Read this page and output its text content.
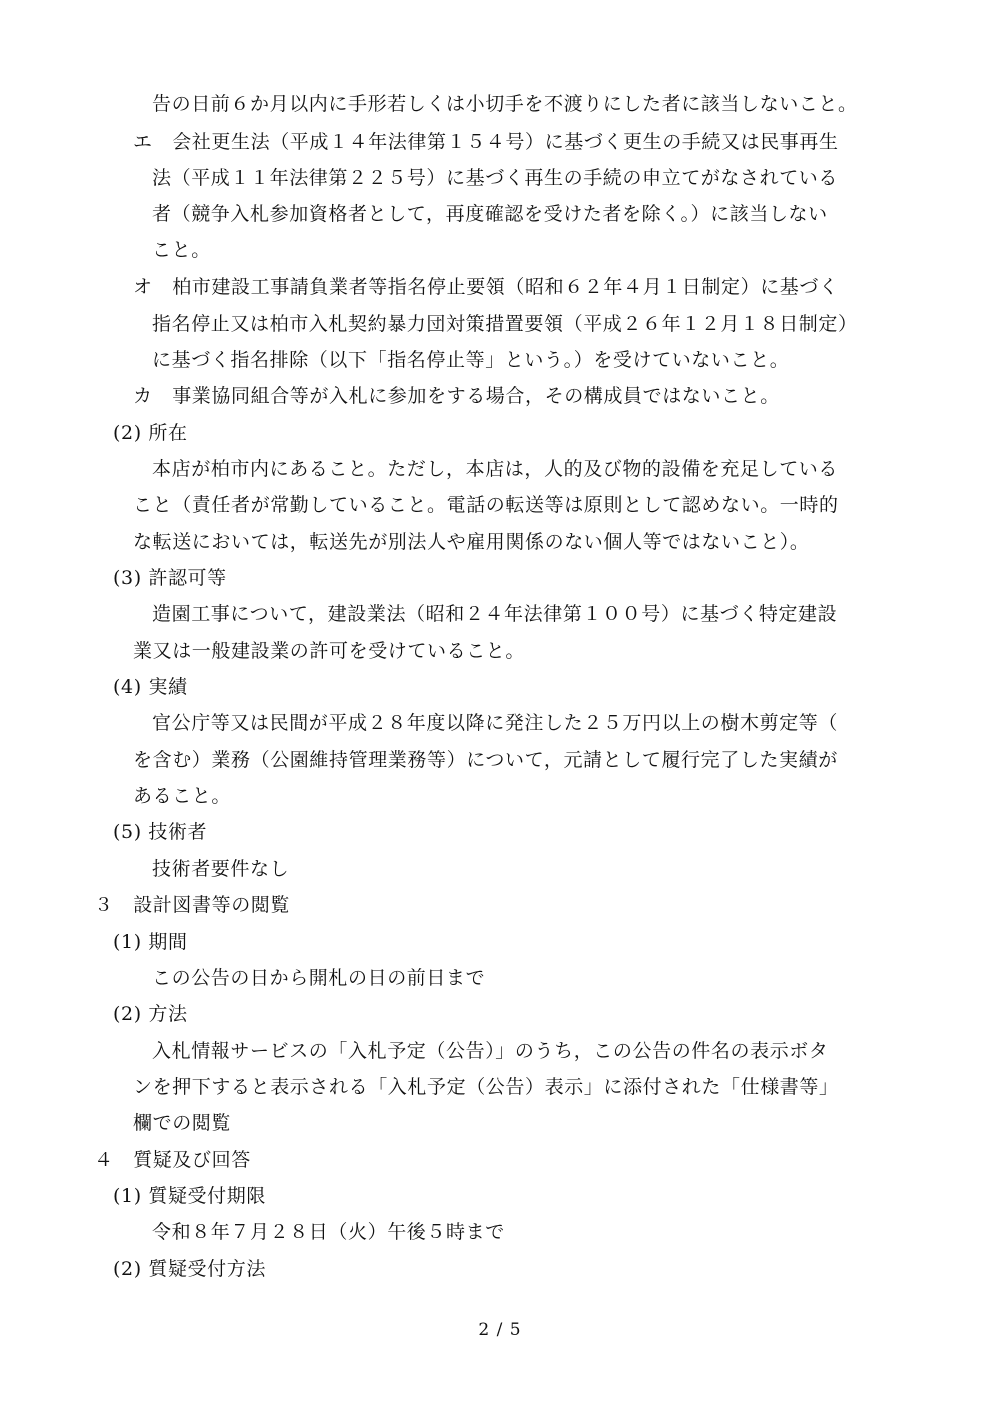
告の日前６か月以内に手形若しくは小切手を不渡りにした者に該当しないこと。
エ　会社更生法（平成１４年法律第１５４号）に基づく更生の手続又は民事再生
法（平成１１年法律第２２５号）に基づく再生の手続の申立てがなされている
者（競争入札参加資格者として，再度確認を受けた者を除く。）に該当しない
こと。
オ　柏市建設工事請負業者等指名停止要領（昭和６２年４月１日制定）に基づく
指名停止又は柏市入札契約暴力団対策措置要領（平成２６年１２月１８日制定）
に基づく指名排除（以下「指名停止等」という。）を受けていないこと。
カ　事業協同組合等が入札に参加をする場合，その構成員ではないこと。
(2) 所在
本店が柏市内にあること。ただし，本店は，人的及び物的設備を充足している
こと（責任者が常勤していること。電話の転送等は原則として認めない。一時的
な転送においては，転送先が別法人や雇用関係のない個人等ではないこと）。
(3) 許認可等
造園工事について，建設業法（昭和２４年法律第１００号）に基づく特定建設
業又は一般建設業の許可を受けていること。
(4) 実績
官公庁等又は民間が平成２８年度以降に発注した２５万円以上の樹木剪定等（
を含む）業務（公園維持管理業務等）について，元請として履行完了した実績が
あること。
(5) 技術者
技術者要件なし
３　設計図書等の閲覧
(1) 期間
この公告の日から開札の日の前日まで
(2) 方法
入札情報サービスの「入札予定（公告）」のうち，この公告の件名の表示ボタ
ンを押下すると表示される「入札予定（公告）表示」に添付された「仕様書等」
欄での閲覧
４　質疑及び回答
(1) 質疑受付期限
令和８年７月２８日（火）午後５時まで
(2) 質疑受付方法
2 / 5
